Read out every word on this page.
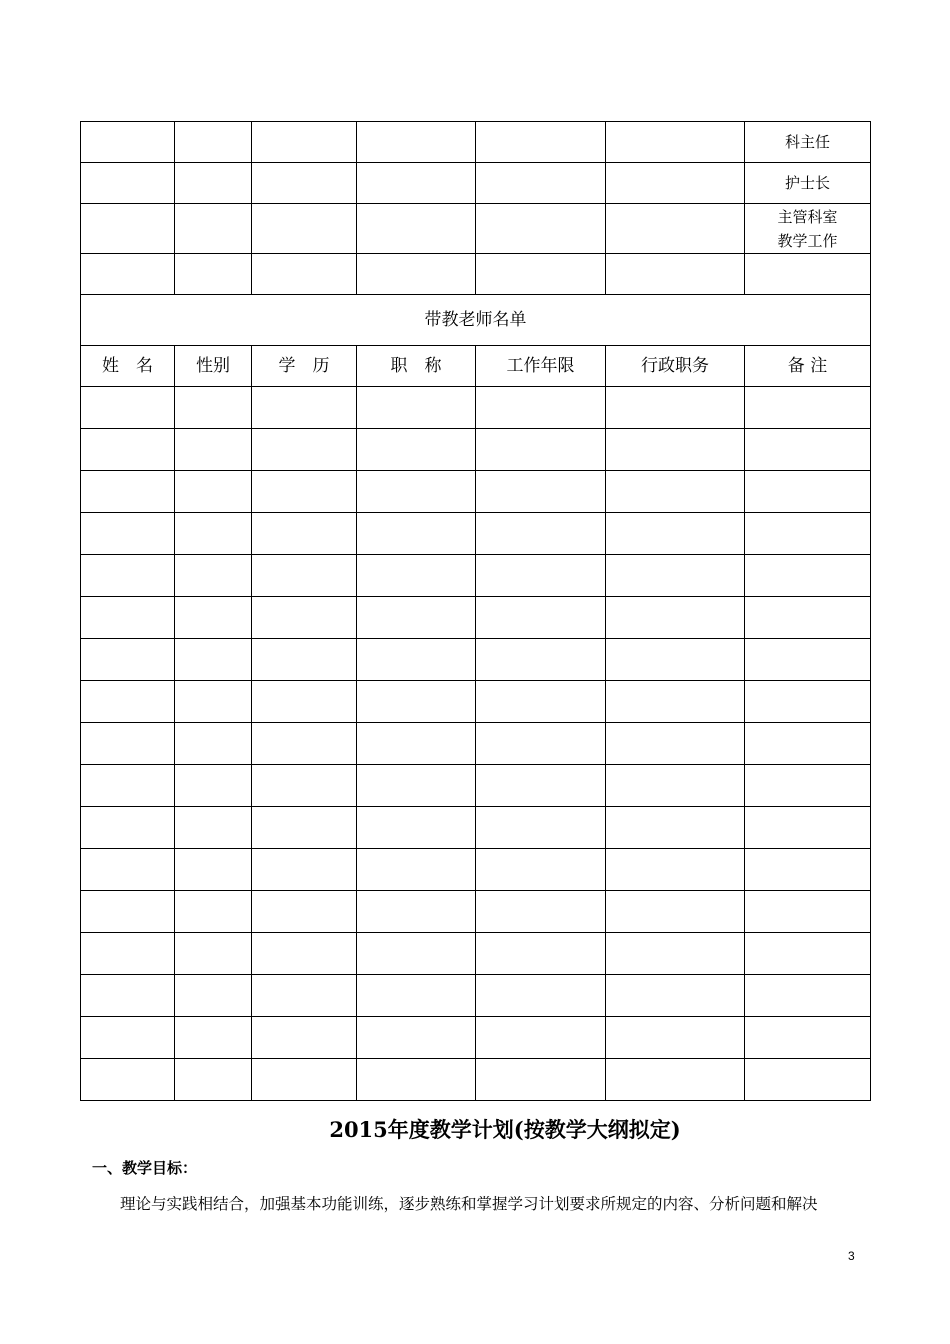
						科主任
						护士长

						主管科室
教学工作

带教老师名单						
姓　名	性别	学　历	职　称	工作年限	行政职务	备 注

2015年度教学计划(按教学大纲拟定)
一、教学目标：
理论与实践相结合，加强基本功能训练，逐步熟练和掌握学习计划要求所规定的内容、分析问题和解决
3
